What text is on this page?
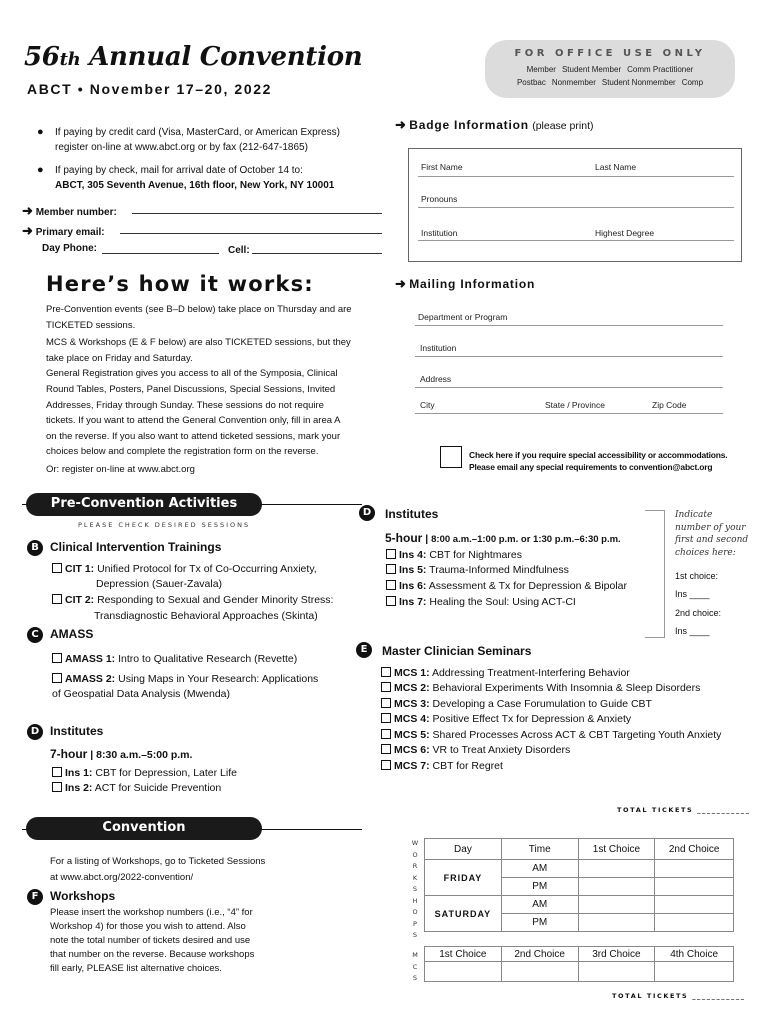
56th Annual Convention
ABCT • November 17–20, 2022
FOR OFFICE USE ONLY
Member Student Member Comm Practitioner
Postbac Nonmember Student Nonmember Comp
● If paying by credit card (Visa, MasterCard, or American Express)
register on-line at www.abct.org or by fax (212-647-1865)
● If paying by check, mail for arrival date of October 14 to:
ABCT, 305 Seventh Avenue, 16th floor, New York, NY 10001
➜ Member number:
➜ Primary email:
Day Phone:	Cell:
➜ Badge Information (please print)
First Name	Last Name
Pronouns
Institution	Highest Degree
➜ Mailing Information
Department or Program
Institution
Address
City	State / Province	Zip Code
Check here if you require special accessibility or accommodations.
Please email any special requirements to convention@abct.org
Here’s how it works:
Pre-Convention events (see B–D below) take place on Thursday and are
TICKETED sessions.
MCS & Workshops (E & F below) are also TICKETED sessions, but they
take place on Friday and Saturday.
General Registration gives you access to all of the Symposia, Clinical
Round Tables, Posters, Panel Discussions, Special Sessions, Invited
Addresses, Friday through Sunday. These sessions do not require
tickets. If you want to attend the General Convention only, fill in area A
on the reverse. If you also want to attend ticketed sessions, mark your
choices below and complete the registration form on the reverse.
Or: register on-line at www.abct.org
Pre-Convention Activities
PLEASE CHECK DESIRED SESSIONS
B Clinical Intervention Trainings
CIT 1: Unified Protocol for Tx of Co-Occurring Anxiety,
Depression (Sauer-Zavala)
CIT 2: Responding to Sexual and Gender Minority Stress:
Transdiagnostic Behavioral Approaches (Skinta)
C AMASS
AMASS 1: Intro to Qualitative Research (Revette)
AMASS 2: Using Maps in Your Research: Applications
of Geospatial Data Analysis (Mwenda)
D Institutes
7-hour | 8:30 a.m.–5:00 p.m.
Ins 1: CBT for Depression, Later Life
Ins 2: ACT for Suicide Prevention
D	Institutes
5-hour | 8:00 a.m.–1:00 p.m. or 1:30 p.m.–6:30 p.m.
Ins 4: CBT for Nightmares
Ins 5: Trauma-Informed Mindfulness
Ins 6: Assessment & Tx for Depression & Bipolar
Ins 7: Healing the Soul: Using ACT-CI
Indicate
number of your
first and second
choices here:
1st choice:
Ins ____
2nd choice:
Ins ____
E	Master Clinician Seminars
MCS 1: Addressing Treatment-Interfering Behavior
MCS 2: Behavioral Experiments With Insomnia & Sleep Disorders
MCS 3: Developing a Case Forumulation to Guide CBT
MCS 4: Positive Effect Tx for Depression & Anxiety
MCS 5: Shared Processes Across ACT & CBT Targeting Youth Anxiety
MCS 6: VR to Treat Anxiety Disorders
MCS 7: CBT for Regret
TOTAL TICKETS ___________
Convention
For a listing of Workshops, go to Ticketed Sessions
at www.abct.org/2022-convention/
F Workshops
Please insert the workshop numbers (i.e., “4” for
Workshop 4) for those you wish to attend. Also
note the total number of tickets desired and use
that number on the reverse. Because workshops
fill early, PLEASE list alternative choices.
W
O
R
K
S
H
O
P
S
M
C
S
Day	Time	1st Choice	2nd Choice
FRIDAY	AM		
	PM		
SATURDAY	AM		
	PM		
1st Choice	2nd Choice	3rd Choice	4th Choice

TOTAL TICKETS ___________
